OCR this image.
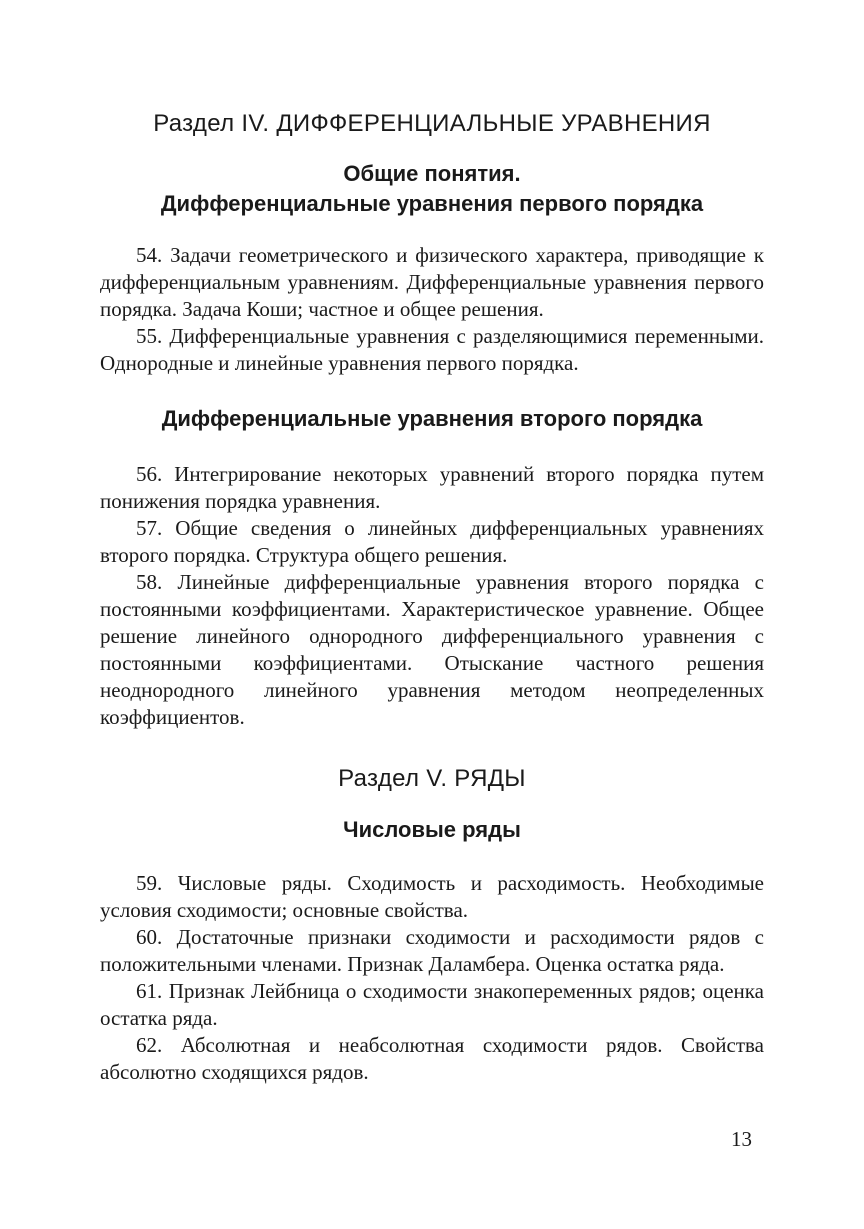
Раздел IV. ДИФФЕРЕНЦИАЛЬНЫЕ УРАВНЕНИЯ
Общие понятия.
Дифференциальные уравнения первого порядка

54. Задачи геометрического и физического характера, приводящие к дифференциальным уравнениям. Дифференциальные уравнения первого порядка. Задача Коши; частное и общее решения.

55. Дифференциальные уравнения с разделяющимися переменными. Однородные и линейные уравнения первого порядка.

Дифференциальные уравнения второго порядка

56. Интегрирование некоторых уравнений второго порядка путем понижения порядка уравнения.

57. Общие сведения о линейных дифференциальных уравнениях второго порядка. Структура общего решения.

58. Линейные дифференциальные уравнения второго порядка с постоянными коэффициентами. Характеристическое уравнение. Общее решение линейного однородного дифференциального уравнения с постоянными коэффициентами. Отыскание частного решения неоднородного линейного уравнения методом неопределенных коэффициентов.

Раздел V. РЯДЫ
Числовые ряды

59. Числовые ряды. Сходимость и расходимость. Необходимые условия сходимости; основные свойства.

60. Достаточные признаки сходимости и расходимости рядов с положительными членами. Признак Даламбера. Оценка остатка ряда.

61. Признак Лейбница о сходимости знакопеременных рядов; оценка остатка ряда.

62. Абсолютная и неабсолютная сходимости рядов. Свойства абсолютно сходящихся рядов.

13
